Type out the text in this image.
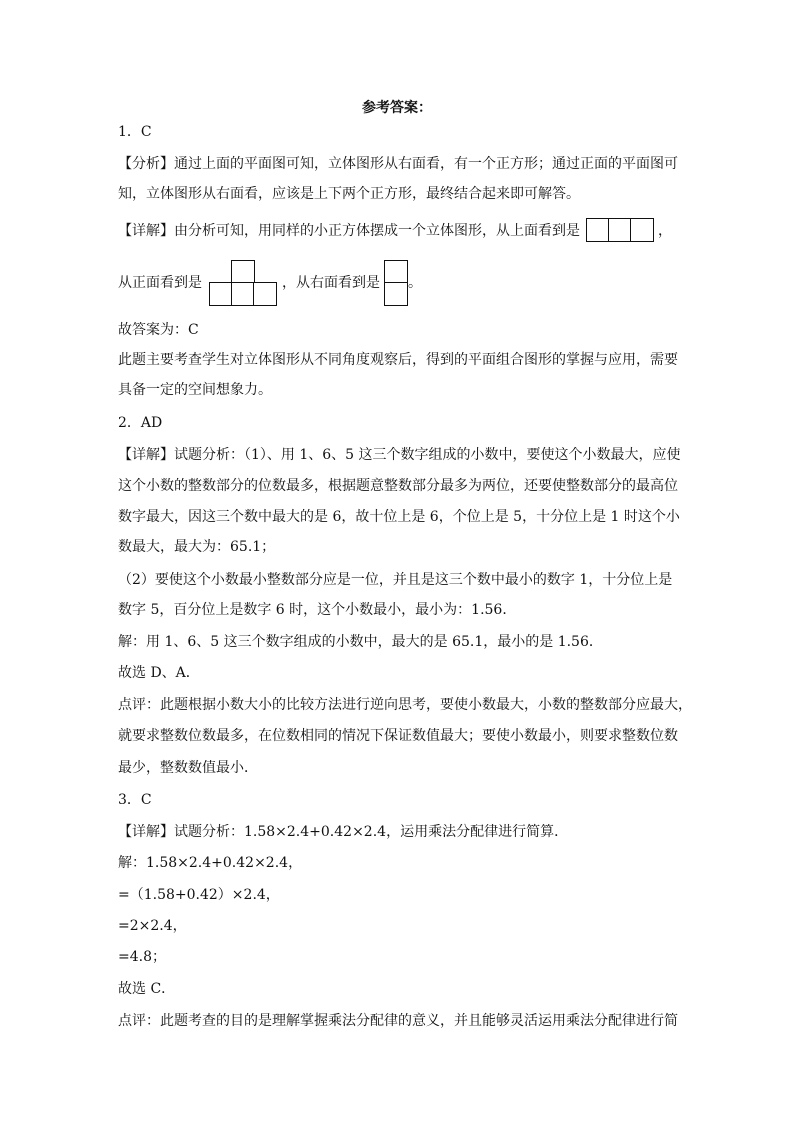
参考答案：
1．C
【分析】通过上面的平面图可知，立体图形从右面看，有一个正方形；通过正面的平面图可
知，立体图形从右面看，应该是上下两个正方形，最终结合起来即可解答。
【详解】由分析可知，用同样的小正方体摆成一个立体图形，从上面看到是	，
从正面看到是	，从右面看到是 。
故答案为：C
此题主要考查学生对立体图形从不同角度观察后，得到的平面组合图形的掌握与应用，需要
具备一定的空间想象力。
2．AD
【详解】试题分析：（1）、用 1、6、5 这三个数字组成的小数中，要使这个小数最大，应使
这个小数的整数部分的位数最多，根据题意整数部分最多为两位，还要使整数部分的最高位
数字最大，因这三个数中最大的是 6，故十位上是 6，个位上是 5，十分位上是 1 时这个小
数最大，最大为：65.1；
（2）要使这个小数最小整数部分应是一位，并且是这三个数中最小的数字 1，十分位上是
数字 5，百分位上是数字 6 时，这个小数最小，最小为：1.56．
解：用 1、6、5 这三个数字组成的小数中，最大的是 65.1，最小的是 1.56．
故选 D、A．
点评：此题根据小数大小的比较方法进行逆向思考，要使小数最大，小数的整数部分应最大，
就要求整数位数最多，在位数相同的情况下保证数值最大；要使小数最小，则要求整数位数
最少，整数数值最小．
3．C
【详解】试题分析：1.58×2.4+0.42×2.4，运用乘法分配律进行简算．
解：1.58×2.4+0.42×2.4，
=（1.58+0.42）×2.4，
=2×2.4，
=4.8；
故选 C．
点评：此题考查的目的是理解掌握乘法分配律的意义，并且能够灵活运用乘法分配律进行简
